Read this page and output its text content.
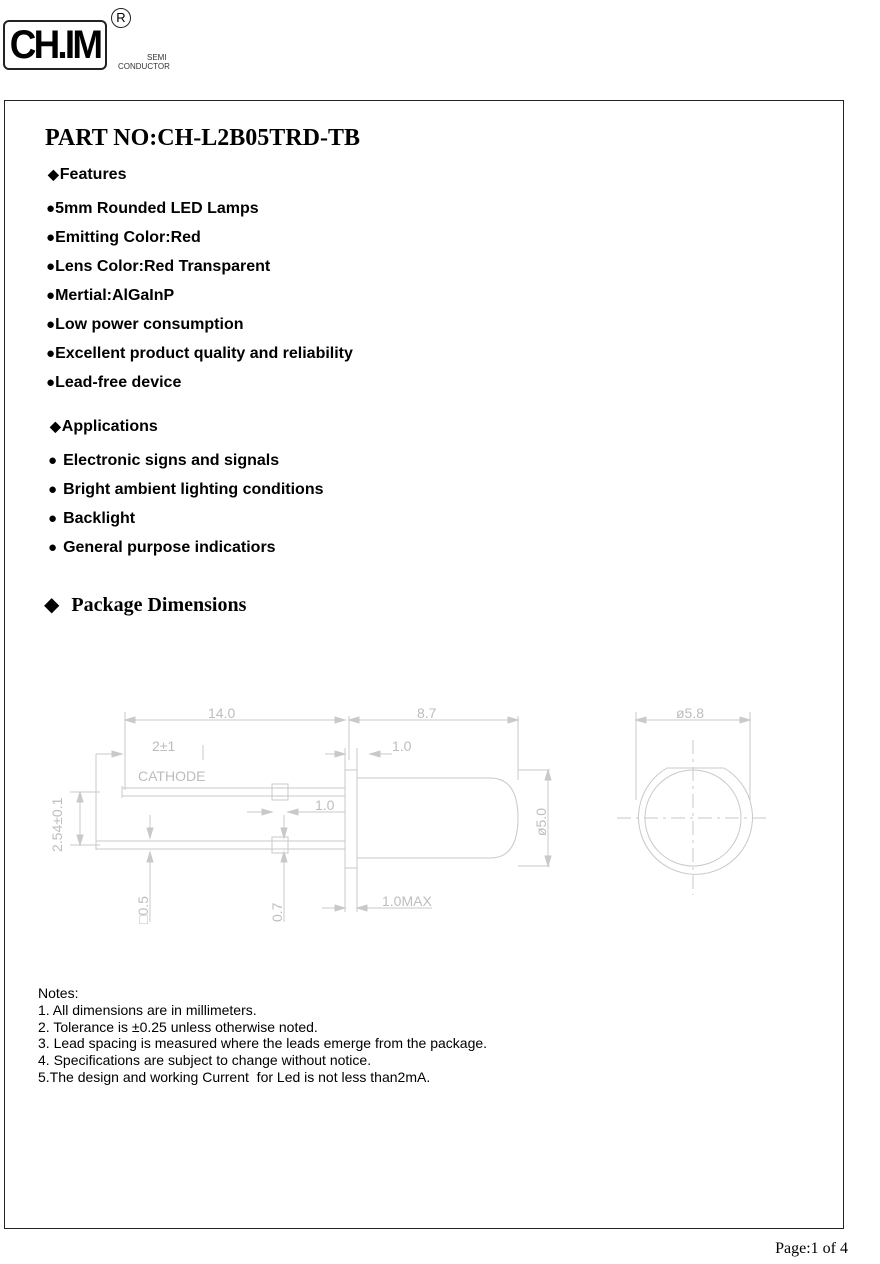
CH.IM
R
SEMI
CONDUCTOR
PART NO:CH-L2B05TRD-TB
◆Features
●5mm Rounded LED Lamps
●Emitting Color:Red
●Lens Color:Red Transparent
●Mertial:AlGaInP
●Low power consumption
●Excellent product quality and reliability
●Lead-free device
◆Applications
● Electronic signs and signals
● Bright ambient lighting conditions
● Backlight
● General purpose indicatiors
◆ Package Dimensions
14.0	8.7	ø5.8
2±1	1.0
CATHODE
1.0
2.54±0.1	ø5.0
□0.5	0.7
1.0MAX
Notes:
1. All dimensions are in millimeters.
2. Tolerance is ±0.25 unless otherwise noted.
3. Lead spacing is measured where the leads emerge from the package.
4. Specifications are subject to change without notice.
5.The design and working Current  for Led is not less than2mA.
Page:1 of 4
